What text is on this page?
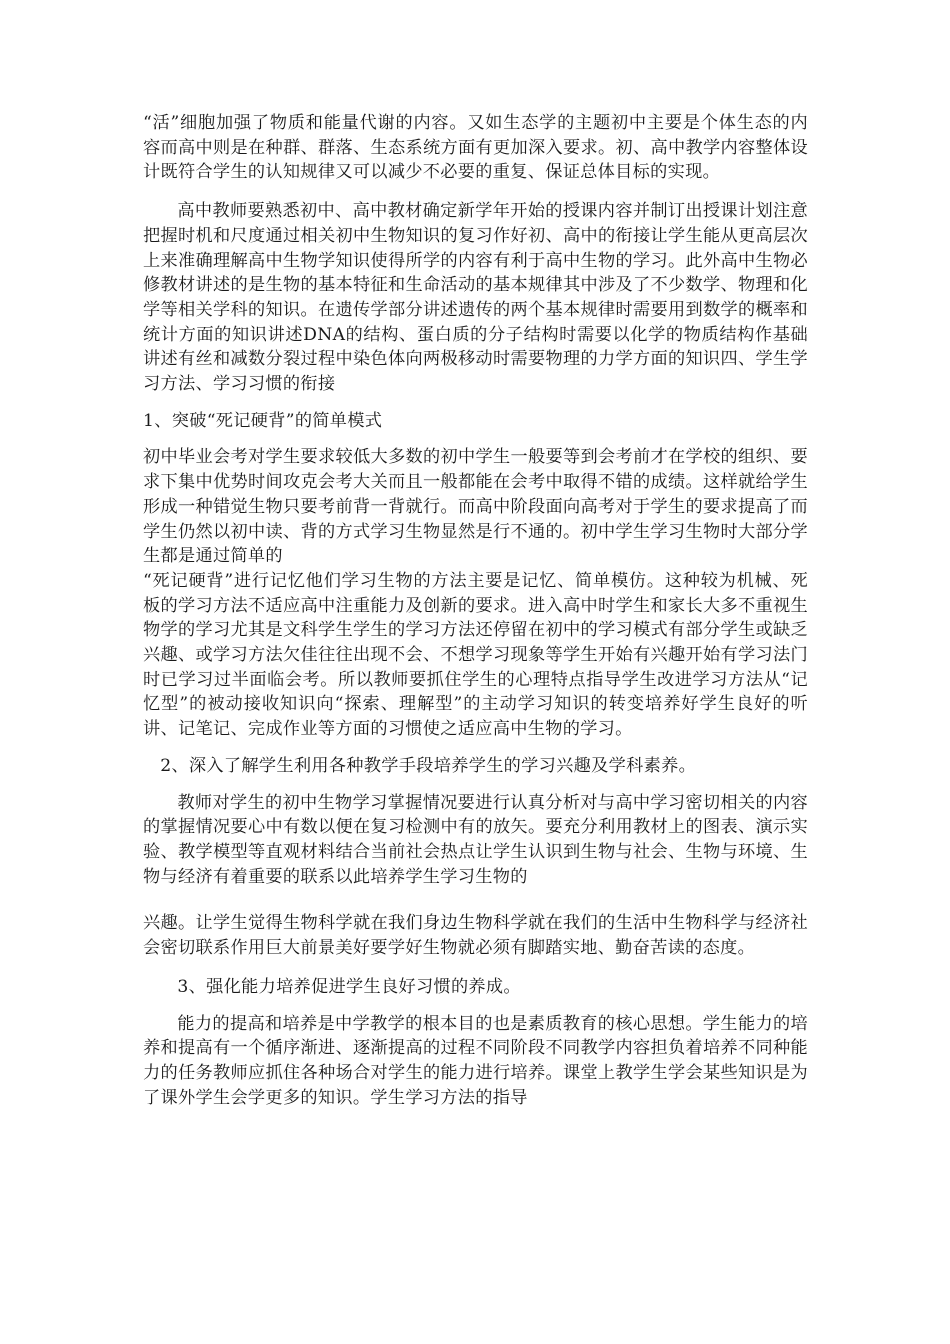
“活”细胞加强了物质和能量代谢的内容。又如生态学的主题初中主要是个体生态的内容而高中则是在种群、群落、生态系统方面有更加深入要求。初、高中教学内容整体设计既符合学生的认知规律又可以减少不必要的重复、保证总体目标的实现。

高中教师要熟悉初中、高中教材确定新学年开始的授课内容并制订出授课计划注意把握时机和尺度通过相关初中生物知识的复习作好初、高中的衔接让学生能从更高层次上来准确理解高中生物学知识使得所学的内容有利于高中生物的学习。此外高中生物必修教材讲述的是生物的基本特征和生命活动的基本规律其中涉及了不少数学、物理和化学等相关学科的知识。在遗传学部分讲述遗传的两个基本规律时需要用到数学的概率和统计方面的知识讲述DNA的结构、蛋白质的分子结构时需要以化学的物质结构作基础讲述有丝和减数分裂过程中染色体向两极移动时需要物理的力学方面的知识四、学生学习方法、学习习惯的衔接

1、突破“死记硬背”的简单模式

初中毕业会考对学生要求较低大多数的初中学生一般要等到会考前才在学校的组织、要求下集中优势时间攻克会考大关而且一般都能在会考中取得不错的成绩。这样就给学生形成一种错觉生物只要考前背一背就行。而高中阶段面向高考对于学生的要求提高了而学生仍然以初中读、背的方式学习生物显然是行不通的。初中学生学习生物时大部分学生都是通过简单的

“死记硬背”进行记忆他们学习生物的方法主要是记忆、简单模仿。这种较为机械、死板的学习方法不适应高中注重能力及创新的要求。进入高中时学生和家长大多不重视生物学的学习尤其是文科学生学生的学习方法还停留在初中的学习模式有部分学生或缺乏兴趣、或学习方法欠佳往往出现不会、不想学习现象等学生开始有兴趣开始有学习法门时已学习过半面临会考。所以教师要抓住学生的心理特点指导学生改进学习方法从“记忆型”的被动接收知识向“探索、理解型”的主动学习知识的转变培养好学生良好的听讲、记笔记、完成作业等方面的习惯使之适应高中生物的学习。

2、深入了解学生利用各种教学手段培养学生的学习兴趣及学科素养。

教师对学生的初中生物学习掌握情况要进行认真分析对与高中学习密切相关的内容的掌握情况要心中有数以便在复习检测中有的放矢。要充分利用教材上的图表、演示实验、教学模型等直观材料结合当前社会热点让学生认识到生物与社会、生物与环境、生物与经济有着重要的联系以此培养学生学习生物的

兴趣。让学生觉得生物科学就在我们身边生物科学就在我们的生活中生物科学与经济社会密切联系作用巨大前景美好要学好生物就必须有脚踏实地、勤奋苦读的态度。

3、强化能力培养促进学生良好习惯的养成。

能力的提高和培养是中学教学的根本目的也是素质教育的核心思想。学生能力的培养和提高有一个循序渐进、逐渐提高的过程不同阶段不同教学内容担负着培养不同种能力的任务教师应抓住各种场合对学生的能力进行培养。课堂上教学生学会某些知识是为了课外学生会学更多的知识。学生学习方法的指导
